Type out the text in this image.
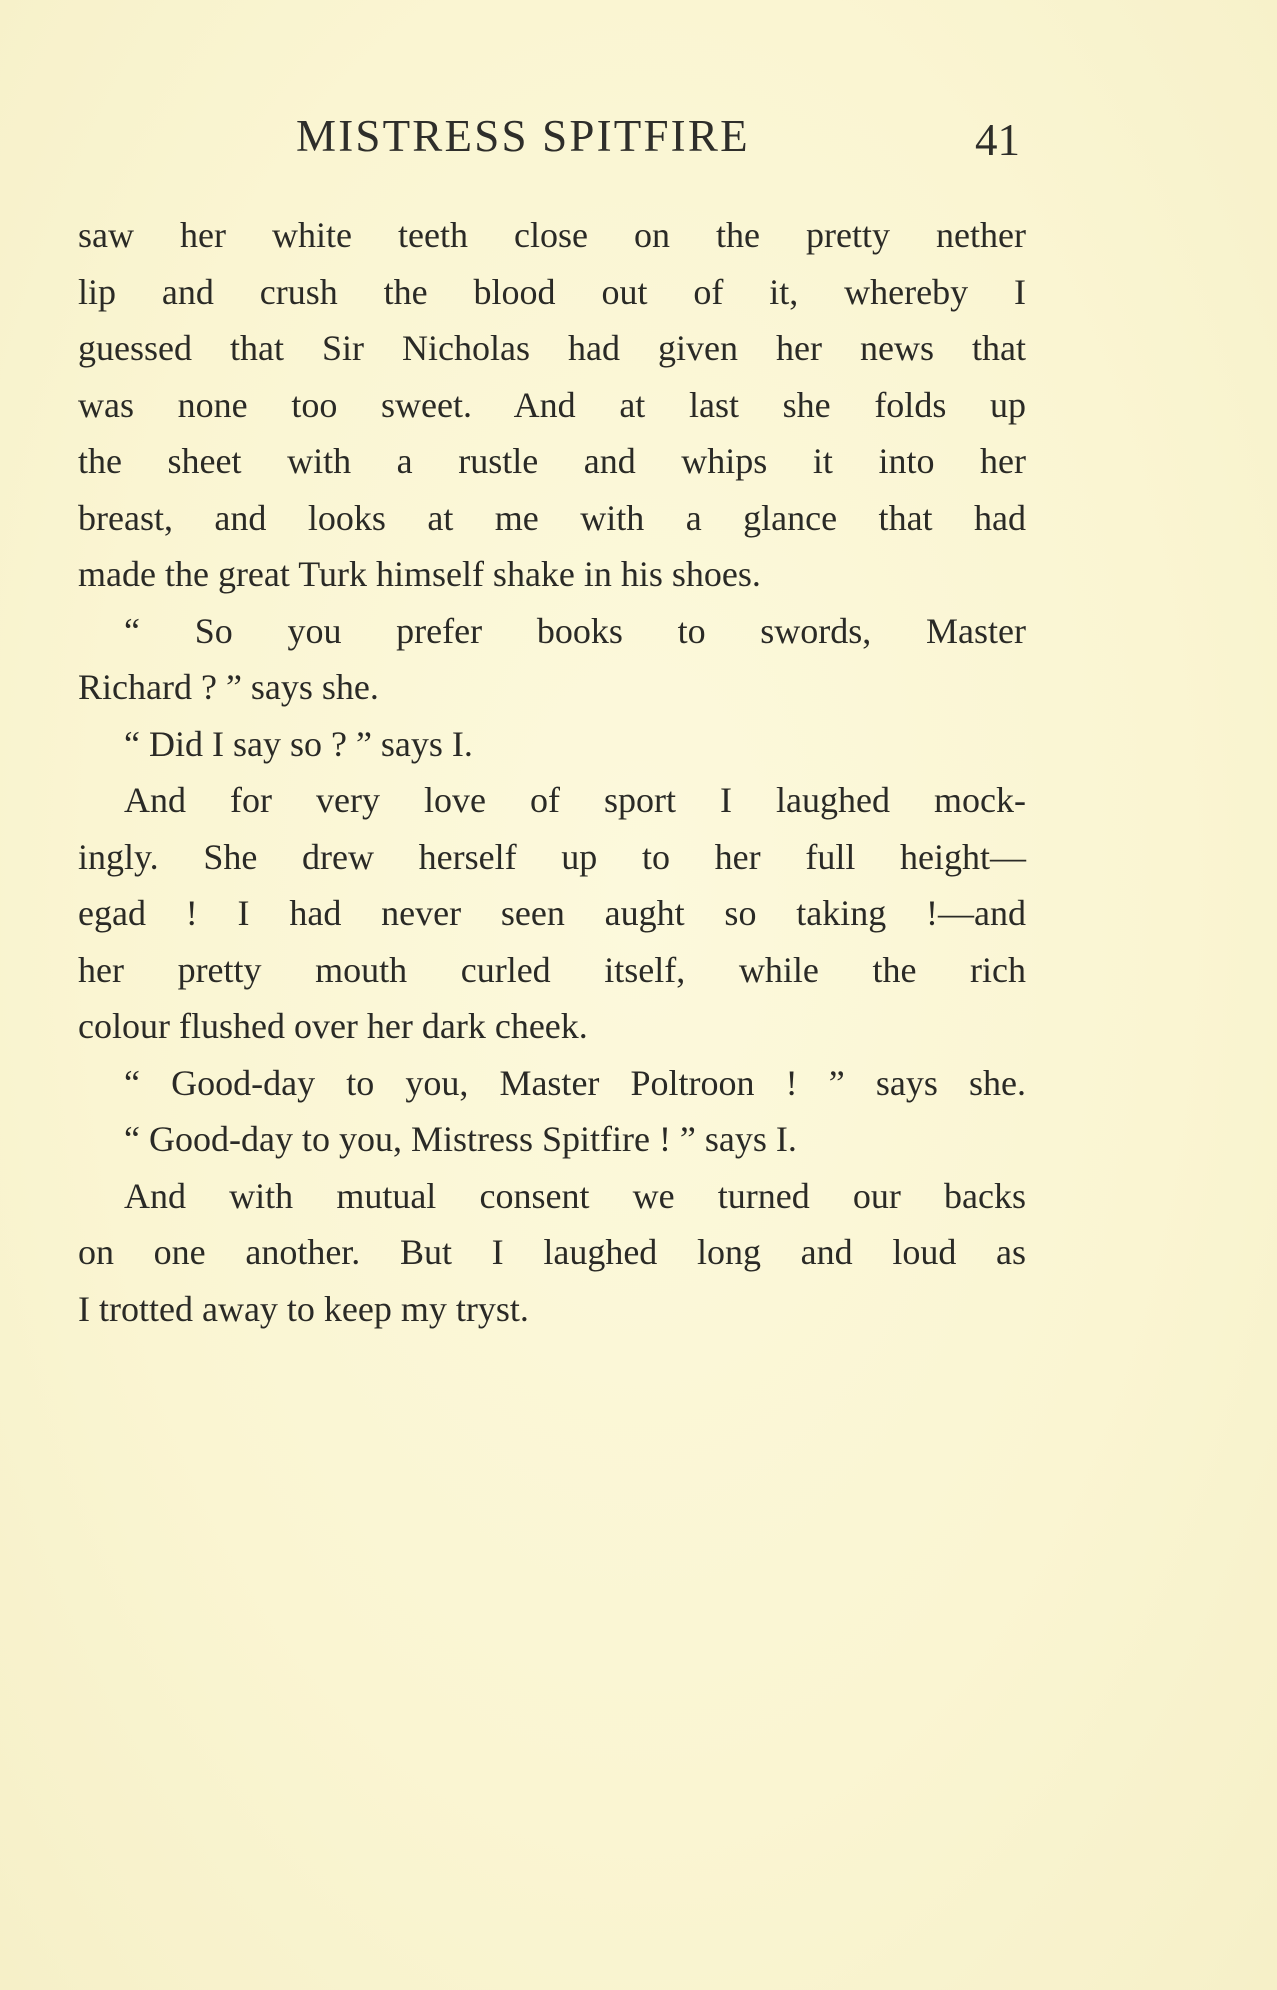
MISTRESS SPITFIRE	41
saw her white teeth close on the pretty nether
lip and crush the blood out of it, whereby I
guessed that Sir Nicholas had given her news that
was none too sweet. And at last she folds up
the sheet with a rustle and whips it into her
breast, and looks at me with a glance that had
made the great Turk himself shake in his shoes.
“ So you prefer books to swords, Master
Richard ? ” says she.
“ Did I say so ? ” says I.
And for very love of sport I laughed mock-
ingly. She drew herself up to her full height—
egad ! I had never seen aught so taking !—and
her pretty mouth curled itself, while the rich
colour flushed over her dark cheek.
“ Good-day to you, Master Poltroon ! ” says she.
“ Good-day to you, Mistress Spitfire ! ” says I.
And with mutual consent we turned our backs
on one another. But I laughed long and loud as
I trotted away to keep my tryst.
